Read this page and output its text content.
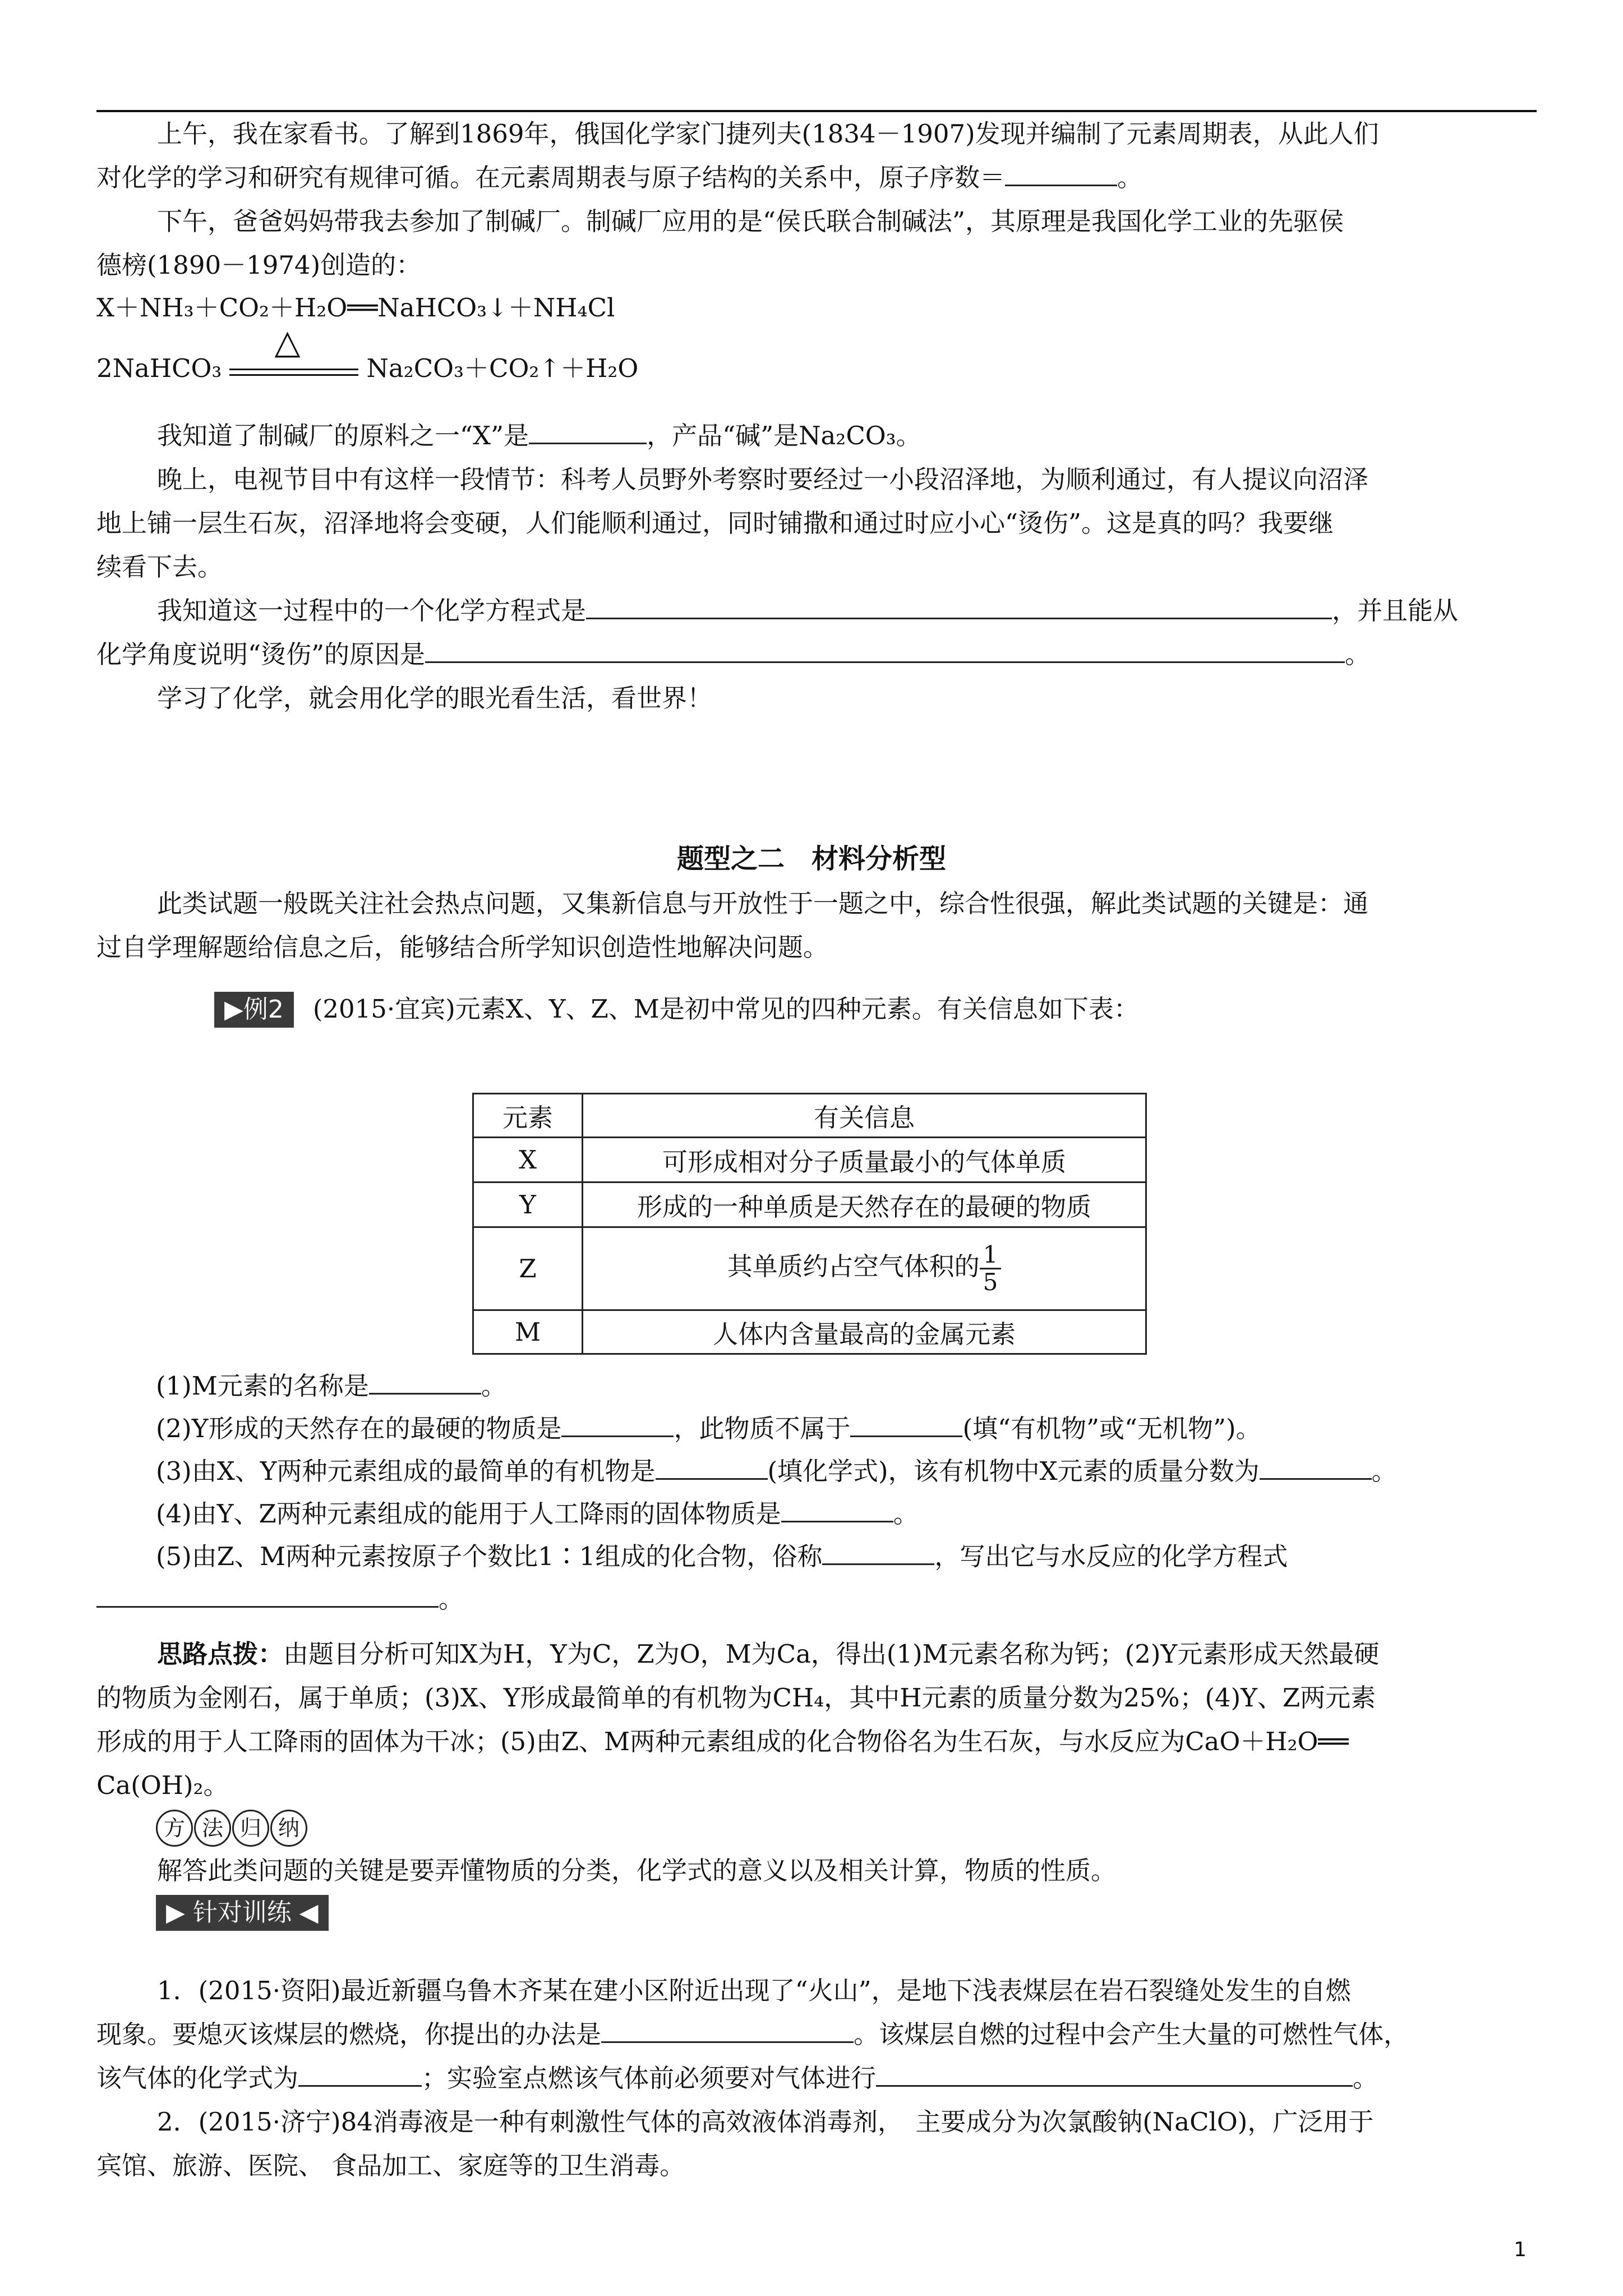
上午，我在家看书。了解到1869年，俄国化学家门捷列夫(1834－1907)发现并编制了元素周期表，从此人们

对化学的学习和研究有规律可循。在元素周期表与原子结构的关系中，原子序数＝	。

下午，爸爸妈妈带我去参加了制碱厂。制碱厂应用的是“侯氏联合制碱法”，其原理是我国化学工业的先驱侯

德榜(1890－1974)创造的：

X＋NH₃＋CO₂＋H₂O══NaHCO₃↓＋NH₄Cl

2NaHCO₃
△
Na₂CO₃＋CO₂↑＋H₂O

我知道了制碱厂的原料之一“X”是	，产品“碱”是Na₂CO₃。

晚上，电视节目中有这样一段情节：科考人员野外考察时要经过一小段沼泽地，为顺利通过，有人提议向沼泽

地上铺一层生石灰，沼泽地将会变硬，人们能顺利通过，同时铺撒和通过时应小心“烫伤”。这是真的吗？我要继

续看下去。

我知道这一过程中的一个化学方程式是	，并且能从

化学角度说明“烫伤”的原因是	。

学习了化学，就会用化学的眼光看生活，看世界！

题型之二　材料分析型

此类试题一般既关注社会热点问题，又集新信息与开放性于一题之中，综合性很强，解此类试题的关键是：通

过自学理解题给信息之后，能够结合所学知识创造性地解决问题。

▶例2 (2015·宜宾)元素X、Y、Z、M是初中常见的四种元素。有关信息如下表：

元素	有关信息
X	可形成相对分子质量最小的气体单质
Y	形成的一种单质是天然存在的最硬的物质
Z	其单质约占空气体积的 $\frac{1}{5}$

M	人体内含量最高的金属元素

(1)M元素的名称是	。

(2)Y形成的天然存在的最硬的物质是	，此物质不属于	(填“有机物”或“无机物”)。

(3)由X、Y两种元素组成的最简单的有机物是	(填化学式)，该有机物中X元素的质量分数为	。

(4)由Y、Z两种元素组成的能用于人工降雨的固体物质是	。

(5)由Z、M两种元素按原子个数比1∶1组成的化合物，俗称	，写出它与水反应的化学方程式

。

思路点拨：由题目分析可知X为H，Y为C，Z为O，M为Ca，得出(1)M元素名称为钙；(2)Y元素形成天然最硬

的物质为金刚石，属于单质；(3)X、Y形成最简单的有机物为CH₄，其中H元素的质量分数为25%；(4)Y、Z两元素

形成的用于人工降雨的固体为干冰；(5)由Z、M两种元素组成的化合物俗名为生石灰，与水反应为CaO＋H₂O══

Ca(OH)₂。

方 法 归 纳

解答此类问题的关键是要弄懂物质的分类，化学式的意义以及相关计算，物质的性质。

▶ 针对训练 ◀

1．(2015·资阳)最近新疆乌鲁木齐某在建小区附近出现了“火山”，是地下浅表煤层在岩石裂缝处发生的自燃

现象。要熄灭该煤层的燃烧，你提出的办法是	。该煤层自燃的过程中会产生大量的可燃性气体，

该气体的化学式为	；实验室点燃该气体前必须要对气体进行	。

2．(2015·济宁)84消毒液是一种有刺激性气体的高效液体消毒剂，　主要成分为次氯酸钠(NaClO)，广泛用于

宾馆、旅游、医院、 食品加工、家庭等的卫生消毒。

1
